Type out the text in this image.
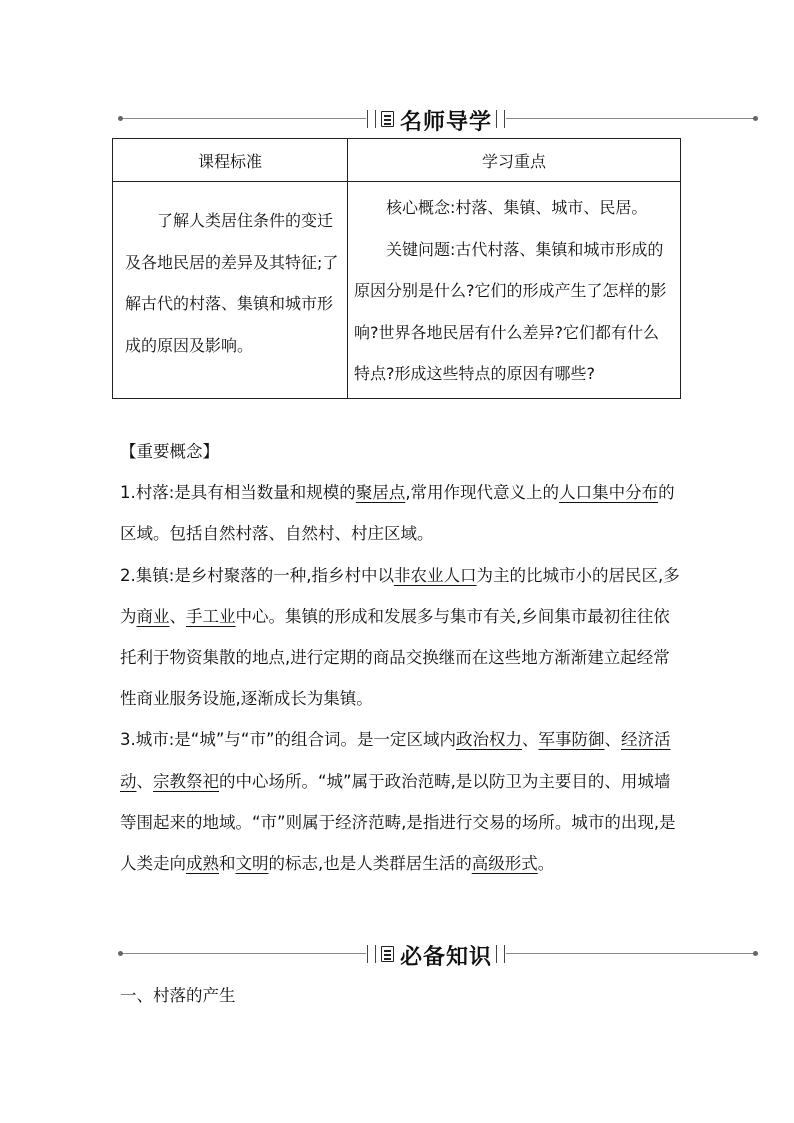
名师导学
课程标准	学习重点

了解人类居住条件的变迁及各地民居的差异及其特征;了解古代的村落、集镇和城市形成的原因及影响。	核心概念:村落、集镇、城市、民居。

关键问题:古代村落、集镇和城市形成的原因分别是什么?它们的形成产生了怎样的影响?世界各地民居有什么差异?它们都有什么特点?形成这些特点的原因有哪些?

【重要概念】

1.村落:是具有相当数量和规模的聚居点,常用作现代意义上的人口集中分布的区域。包括自然村落、自然村、村庄区域。

2.集镇:是乡村聚落的一种,指乡村中以非农业人口为主的比城市小的居民区,多为商业、手工业中心。集镇的形成和发展多与集市有关,乡间集市最初往往依托利于物资集散的地点,进行定期的商品交换继而在这些地方渐渐建立起经常性商业服务设施,逐渐成长为集镇。

3.城市:是“城”与“市”的组合词。是一定区域内政治权力、军事防御、经济活动、宗教祭祀的中心场所。“城”属于政治范畴,是以防卫为主要目的、用城墙等围起来的地域。“市”则属于经济范畴,是指进行交易的场所。城市的出现,是人类走向成熟和文明的标志,也是人类群居生活的高级形式。

必备知识

一、村落的产生
